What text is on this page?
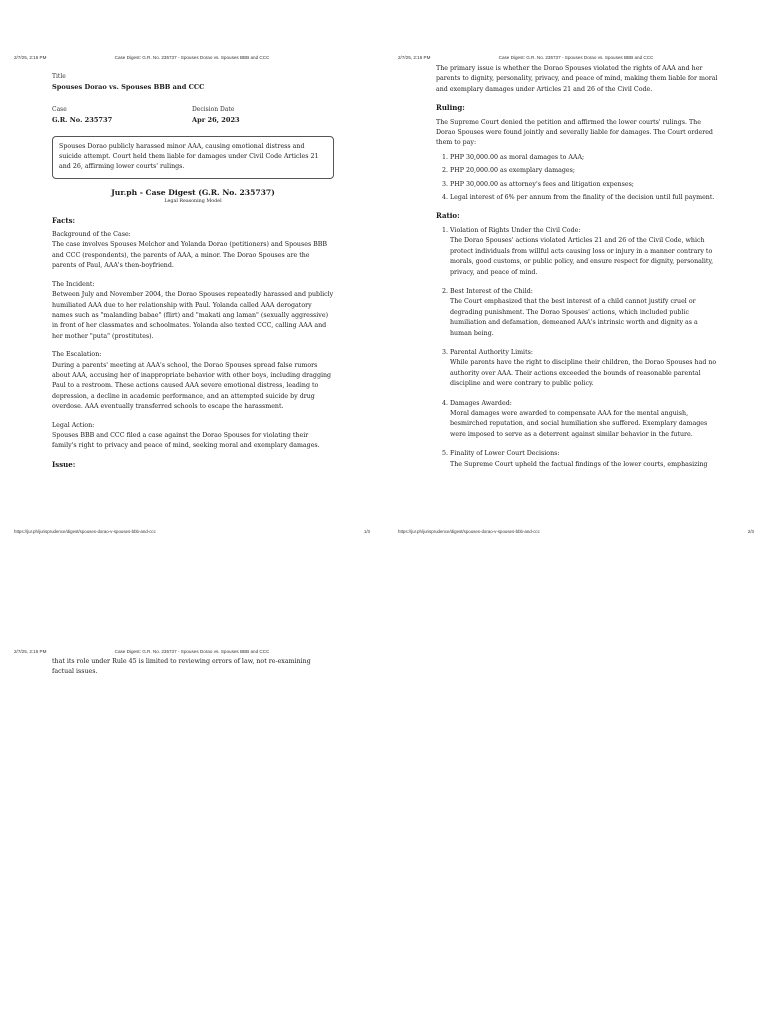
2/7/25, 2:16 PM	Case Digest: G.R. No. 235737 - Spouses Dorao vs. Spouses BBB and CCC
Title
Spouses Dorao vs. Spouses BBB and CCC
Case
G.R. No. 235737
Decision Date
Apr 26, 2023
Spouses Dorao publicly harassed minor AAA, causing emotional distress and suicide attempt. Court held them liable for damages under Civil Code Articles 21 and 26, affirming lower courts' rulings.
Jur.ph - Case Digest (G.R. No. 235737)
Legal Reasoning Model
Facts:

Background of the Case:

The case involves Spouses Melchor and Yolanda Dorao (petitioners) and Spouses BBB and CCC (respondents), the parents of AAA, a minor. The Dorao Spouses are the parents of Paul, AAA's then-boyfriend.

The Incident:

Between July and November 2004, the Dorao Spouses repeatedly harassed and publicly humiliated AAA due to her relationship with Paul. Yolanda called AAA derogatory names such as "malanding babae" (flirt) and "makati ang laman" (sexually aggressive) in front of her classmates and schoolmates. Yolanda also texted CCC, calling AAA and her mother "puta" (prostitutes).

The Escalation:

During a parents' meeting at AAA's school, the Dorao Spouses spread false rumors about AAA, accusing her of inappropriate behavior with other boys, including dragging Paul to a restroom. These actions caused AAA severe emotional distress, leading to depression, a decline in academic performance, and an attempted suicide by drug overdose. AAA eventually transferred schools to escape the harassment.

Legal Action:

Spouses BBB and CCC filed a case against the Dorao Spouses for violating their family's right to privacy and peace of mind, seeking moral and exemplary damages.

Issue:
https://jur.ph/jurisprudence/digest/spouses-dorao-v-spouses-bbb-and-ccc	1/3
2/7/25, 2:16 PM	Case Digest: G.R. No. 235737 - Spouses Dorao vs. Spouses BBB and CCC

The primary issue is whether the Dorao Spouses violated the rights of AAA and her parents to dignity, personality, privacy, and peace of mind, making them liable for moral and exemplary damages under Articles 21 and 26 of the Civil Code.

Ruling:

The Supreme Court denied the petition and affirmed the lower courts' rulings. The Dorao Spouses were found jointly and severally liable for damages. The Court ordered them to pay:

1. PHP 30,000.00 as moral damages to AAA;
2. PHP 20,000.00 as exemplary damages;
3. PHP 30,000.00 as attorney's fees and litigation expenses;
4. Legal interest of 6% per annum from the finality of the decision until full payment.
Ratio:
1. Violation of Rights Under the Civil Code:
The Dorao Spouses' actions violated Articles 21 and 26 of the Civil Code, which protect individuals from willful acts causing loss or injury in a manner contrary to morals, good customs, or public policy, and ensure respect for dignity, personality, privacy, and peace of mind.
2. Best Interest of the Child:
The Court emphasized that the best interest of a child cannot justify cruel or degrading punishment. The Dorao Spouses' actions, which included public humiliation and defamation, demeaned AAA's intrinsic worth and dignity as a human being.
3. Parental Authority Limits:
While parents have the right to discipline their children, the Dorao Spouses had no authority over AAA. Their actions exceeded the bounds of reasonable parental discipline and were contrary to public policy.
4. Damages Awarded:
Moral damages were awarded to compensate AAA for the mental anguish, besmirched reputation, and social humiliation she suffered. Exemplary damages were imposed to serve as a deterrent against similar behavior in the future.
5. Finality of Lower Court Decisions:
The Supreme Court upheld the factual findings of the lower courts, emphasizing
https://jur.ph/jurisprudence/digest/spouses-dorao-v-spouses-bbb-and-ccc	2/3
2/7/25, 2:16 PM	Case Digest: G.R. No. 235737 - Spouses Dorao vs. Spouses BBB and CCC

that its role under Rule 45 is limited to reviewing errors of law, not re-examining factual issues.
